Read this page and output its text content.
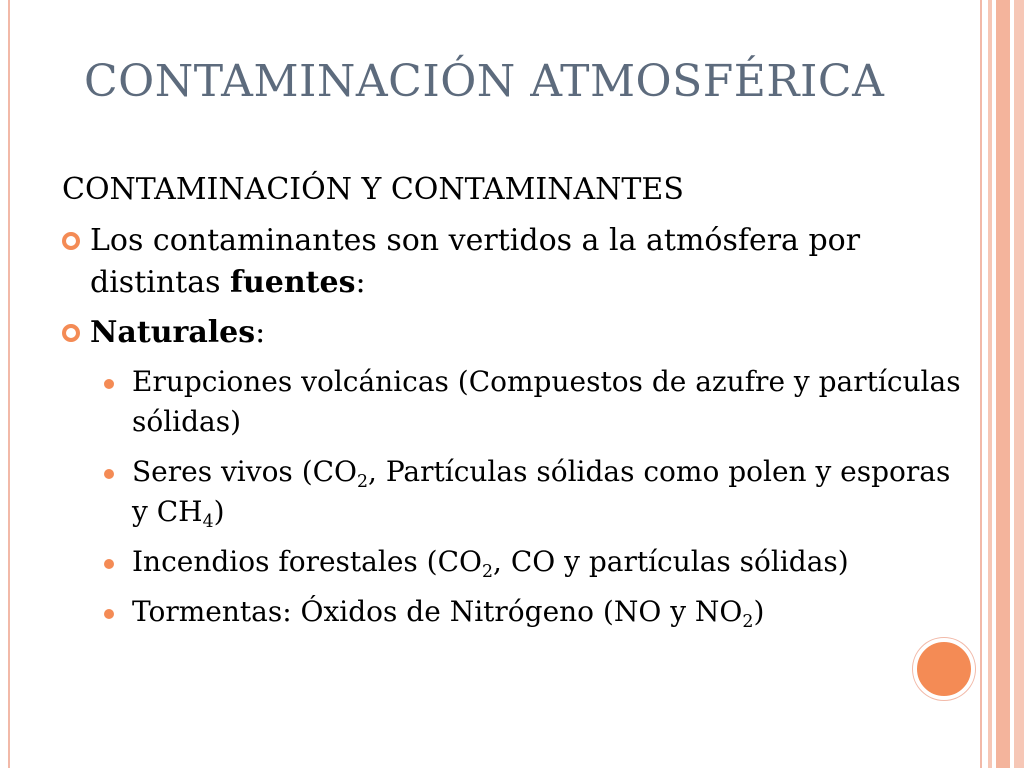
CONTAMINACIÓN ATMOSFÉRICA
CONTAMINACIÓN Y CONTAMINANTES
Los contaminantes son vertidos a la atmósfera por distintas fuentes:
Naturales:
Erupciones volcánicas (Compuestos de azufre y partículas sólidas)
Seres vivos ($CO_2$, Partículas sólidas como polen y esporas y $CH_4$)
Incendios forestales ($CO_2$, CO y partículas sólidas)
Tormentas: Óxidos de Nitrógeno (NO y $NO_2$)
